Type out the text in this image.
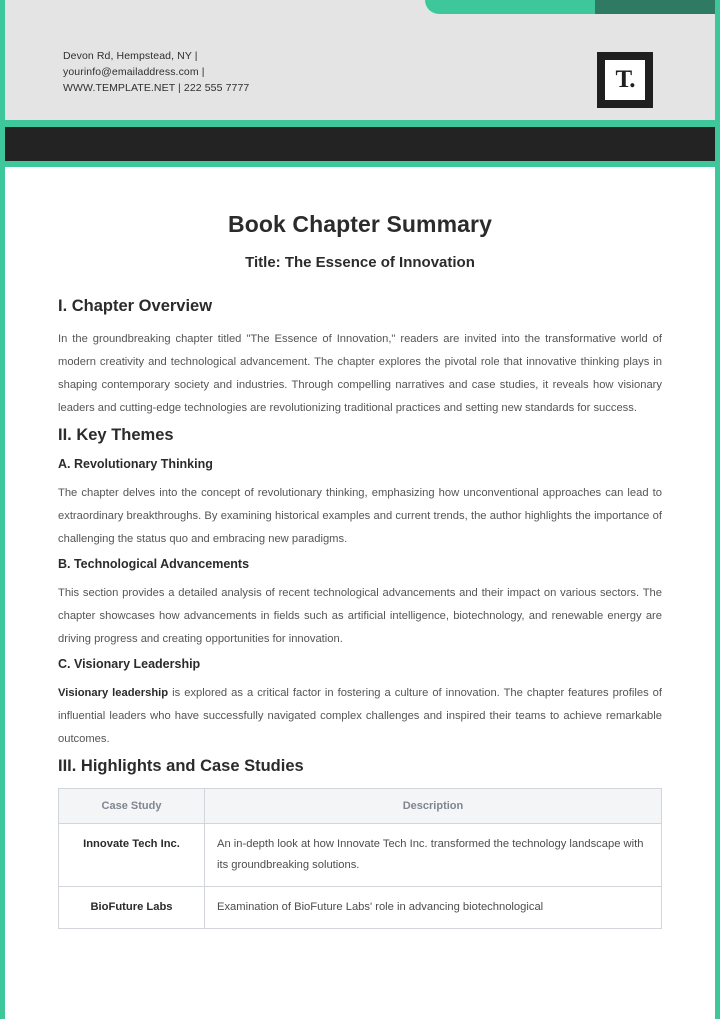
Devon Rd, Hempstead, NY |
yourinfo@emailaddress.com |
WWW.TEMPLATE.NET | 222 555 7777	T.
Book Chapter Summary
Title: The Essence of Innovation
I. Chapter Overview

In the groundbreaking chapter titled "The Essence of Innovation," readers are invited into the transformative world of modern creativity and technological advancement. The chapter explores the pivotal role that innovative thinking plays in shaping contemporary society and industries. Through compelling narratives and case studies, it reveals how visionary leaders and cutting-edge technologies are revolutionizing traditional practices and setting new standards for success.

II. Key Themes
A. Revolutionary Thinking

The chapter delves into the concept of revolutionary thinking, emphasizing how unconventional approaches can lead to extraordinary breakthroughs. By examining historical examples and current trends, the author highlights the importance of challenging the status quo and embracing new paradigms.

B. Technological Advancements

This section provides a detailed analysis of recent technological advancements and their impact on various sectors. The chapter showcases how advancements in fields such as artificial intelligence, biotechnology, and renewable energy are driving progress and creating opportunities for innovation.

C. Visionary Leadership

Visionary leadership is explored as a critical factor in fostering a culture of innovation. The chapter features profiles of influential leaders who have successfully navigated complex challenges and inspired their teams to achieve remarkable outcomes.

III. Highlights and Case Studies
Case Study	Description
Innovate Tech Inc.	An in-depth look at how Innovate Tech Inc. transformed the technology landscape with its groundbreaking solutions.
BioFuture Labs	Examination of BioFuture Labs' role in advancing biotechnological
